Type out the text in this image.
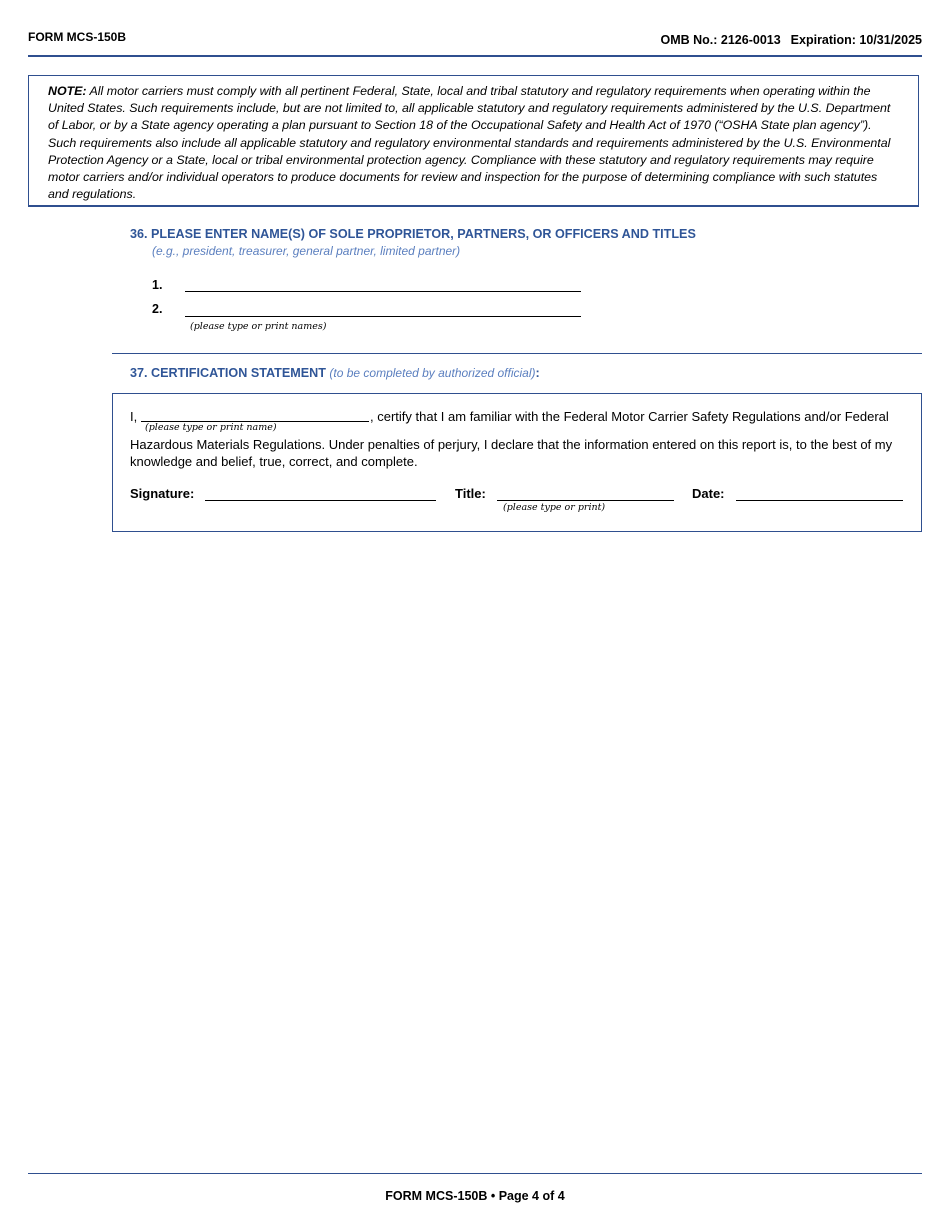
FORM MCS-150B	OMB No.: 2126-0013 Expiration: 10/31/2025

NOTE: All motor carriers must comply with all pertinent Federal, State, local and tribal statutory and regulatory requirements when operating within the United States. Such requirements include, but are not limited to, all applicable statutory and regulatory requirements administered by the U.S. Department of Labor, or by a State agency operating a plan pursuant to Section 18 of the Occupational Safety and Health Act of 1970 (“OSHA State plan agency”). Such requirements also include all applicable statutory and regulatory environmental standards and requirements administered by the U.S. Environmental Protection Agency or a State, local or tribal environmental protection agency. Compliance with these statutory and regulatory requirements may require motor carriers and/or individual operators to produce documents for review and inspection for the purpose of determining compliance with such statutes and regulations.

36. PLEASE ENTER NAME(S) OF SOLE PROPRIETOR, PARTNERS, OR OFFICERS AND TITLES
(e.g., president, treasurer, general partner, limited partner)
1.
2.
(please type or print names)
37. CERTIFICATION STATEMENT (to be completed by authorized official):
I,
(please type or print name)
, certify that I am familiar with the Federal Motor Carrier Safety Regulations and/or Federal
Hazardous Materials Regulations. Under penalties of perjury, I declare that the information entered on this report is, to the best of my knowledge and belief, true, correct, and complete.
Signature:	Title:
(please type or print)
Date:
FORM MCS-150B • Page 4 of 4
